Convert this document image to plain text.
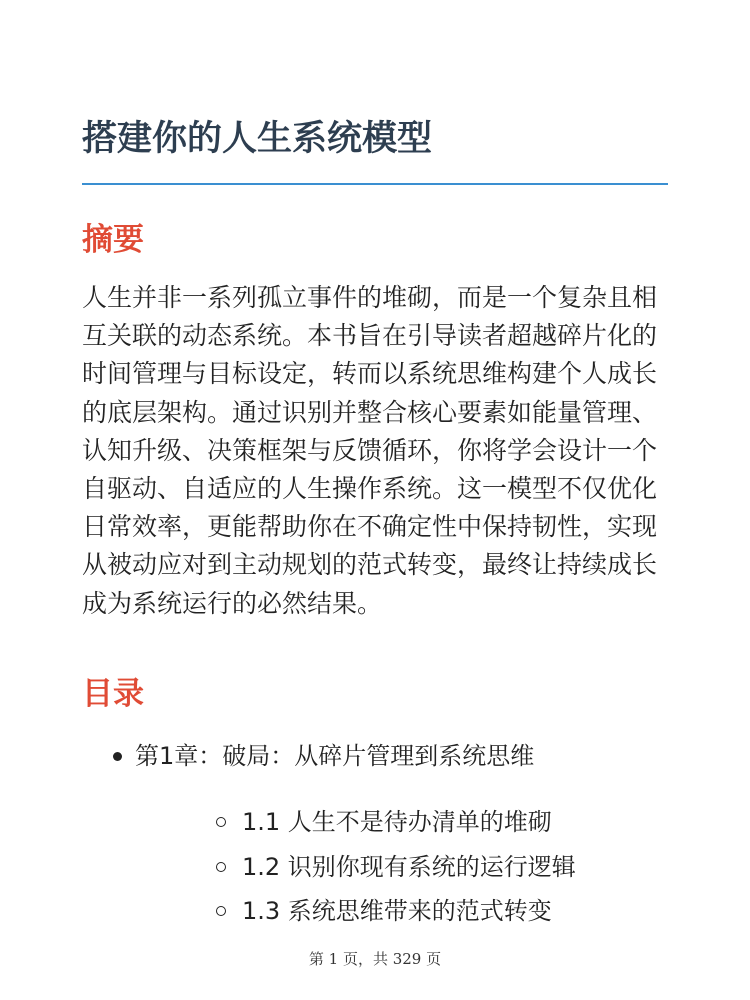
搭建你的人生系统模型
摘要

人生并非一系列孤立事件的堆砌，而是一个复杂且相互关联的动态系统。本书旨在引导读者超越碎片化的时间管理与目标设定，转而以系统思维构建个人成长的底层架构。通过识别并整合核心要素如能量管理、认知升级、决策框架与反馈循环，你将学会设计一个自驱动、自适应的人生操作系统。这一模型不仅优化日常效率，更能帮助你在不确定性中保持韧性，实现从被动应对到主动规划的范式转变，最终让持续成长成为系统运行的必然结果。

目录
第1章：破局：从碎片管理到系统思维
1.1 人生不是待办清单的堆砌
1.2 识别你现有系统的运行逻辑
1.3 系统思维带来的范式转变
第 1 页，共 329 页
